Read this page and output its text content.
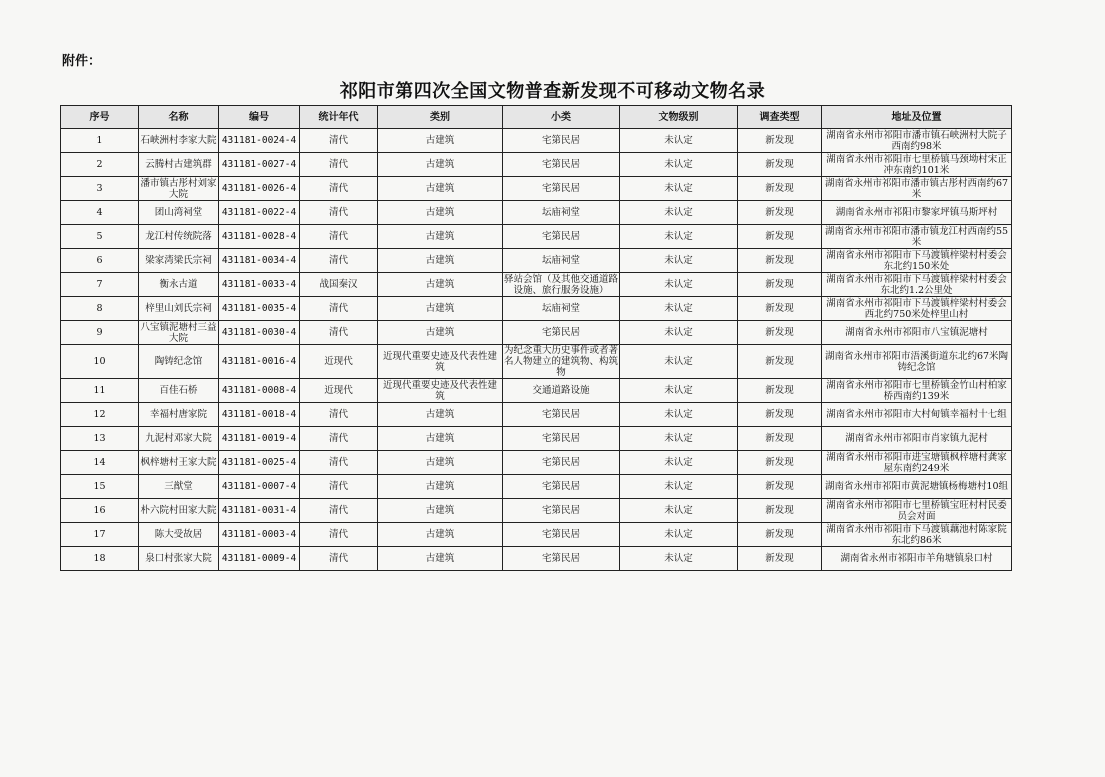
附件：
祁阳市第四次全国文物普查新发现不可移动文物名录
序号	名称	编号	统计年代	类别	小类	文物级别	调查类型	地址及位置
1	石峡洲村李家大院	431181-0024-4	清代	古建筑	宅第民居	未认定	新发现	湖南省永州市祁阳市潘市镇石峡洲村大院子西南约98米
2	云腾村古建筑群	431181-0027-4	清代	古建筑	宅第民居	未认定	新发现	湖南省永州市祁阳市七里桥镇马颈坳村宋正冲东南约101米
3	潘市镇古彤村刘家大院	431181-0026-4	清代	古建筑	宅第民居	未认定	新发现	湖南省永州市祁阳市潘市镇古彤村西南约67米
4	团山湾祠堂	431181-0022-4	清代	古建筑	坛庙祠堂	未认定	新发现	湖南省永州市祁阳市黎家坪镇马斯坪村
5	龙江村传统院落	431181-0028-4	清代	古建筑	宅第民居	未认定	新发现	湖南省永州市祁阳市潘市镇龙江村西南约55米
6	梁家湾梁氏宗祠	431181-0034-4	清代	古建筑	坛庙祠堂	未认定	新发现	湖南省永州市祁阳市下马渡镇梓梁村村委会东北约150米处
7	衡永古道	431181-0033-4	战国秦汉	古建筑	驿站会馆（及其他交通道路设施、旅行服务设施）	未认定	新发现	湖南省永州市祁阳市下马渡镇梓梁村村委会东北约1.2公里处
8	梓里山刘氏宗祠	431181-0035-4	清代	古建筑	坛庙祠堂	未认定	新发现	湖南省永州市祁阳市下马渡镇梓梁村村委会西北约750米处梓里山村
9	八宝镇泥塘村三益大院	431181-0030-4	清代	古建筑	宅第民居	未认定	新发现	湖南省永州市祁阳市八宝镇泥塘村
10	陶铸纪念馆	431181-0016-4	近现代	近现代重要史迹及代表性建筑	为纪念重大历史事件或者著名人物建立的建筑物、构筑物	未认定	新发现	湖南省永州市祁阳市浯溪街道东北约67米陶铸纪念馆
11	百佳石桥	431181-0008-4	近现代	近现代重要史迹及代表性建筑	交通道路设施	未认定	新发现	湖南省永州市祁阳市七里桥镇金竹山村柏家桥西南约139米
12	幸福村唐家院	431181-0018-4	清代	古建筑	宅第民居	未认定	新发现	湖南省永州市祁阳市大村甸镇幸福村十七组
13	九泥村邓家大院	431181-0019-4	清代	古建筑	宅第民居	未认定	新发现	湖南省永州市祁阳市肖家镇九泥村
14	枫梓塘村王家大院	431181-0025-4	清代	古建筑	宅第民居	未认定	新发现	湖南省永州市祁阳市进宝塘镇枫梓塘村龚家屋东南约249米
15	三猷堂	431181-0007-4	清代	古建筑	宅第民居	未认定	新发现	湖南省永州市祁阳市黄泥塘镇杨梅塘村10组
16	朴六院村田家大院	431181-0031-4	清代	古建筑	宅第民居	未认定	新发现	湖南省永州市祁阳市七里桥镇宝旺村村民委员会对面
17	陈大受故居	431181-0003-4	清代	古建筑	宅第民居	未认定	新发现	湖南省永州市祁阳市下马渡镇藕池村陈家院东北约86米
18	泉口村张家大院	431181-0009-4	清代	古建筑	宅第民居	未认定	新发现	湖南省永州市祁阳市羊角塘镇泉口村
